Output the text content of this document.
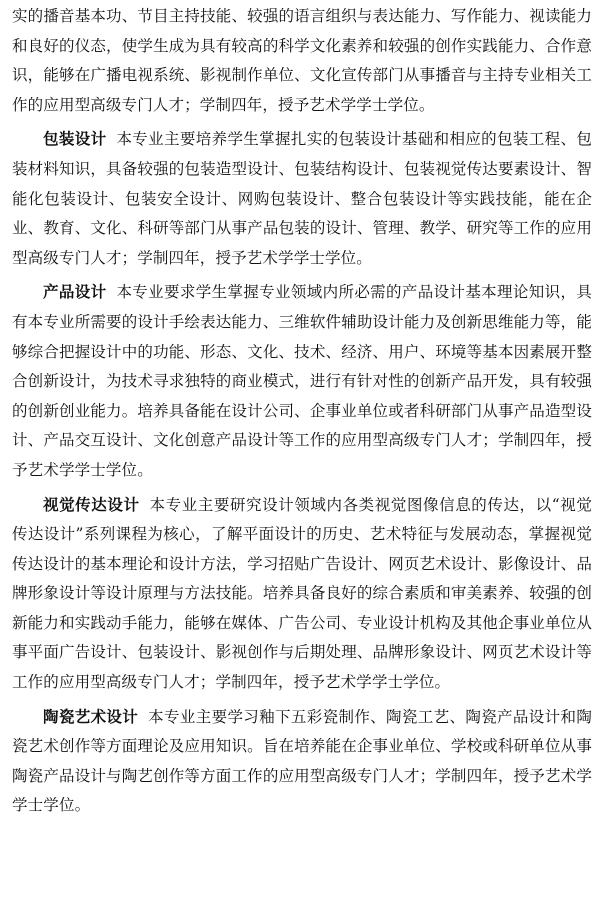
实的播音基本功、节目主持技能、较强的语言组织与表达能力、写作能力、视读能力和良好的仪态，使学生成为具有较高的科学文化素养和较强的创作实践能力、合作意识，能够在广播电视系统、影视制作单位、文化宣传部门从事播音与主持专业相关工作的应用型高级专门人才；学制四年，授予艺术学学士学位。

包装设计 本专业主要培养学生掌握扎实的包装设计基础和相应的包装工程、包装材料知识，具备较强的包装造型设计、包装结构设计、包装视觉传达要素设计、智能化包装设计、包装安全设计、网购包装设计、整合包装设计等实践技能，能在企业、教育、文化、科研等部门从事产品包装的设计、管理、教学、研究等工作的应用型高级专门人才；学制四年，授予艺术学学士学位。

产品设计 本专业要求学生掌握专业领域内所必需的产品设计基本理论知识，具有本专业所需要的设计手绘表达能力、三维软件辅助设计能力及创新思维能力等，能够综合把握设计中的功能、形态、文化、技术、经济、用户、环境等基本因素展开整合创新设计，为技术寻求独特的商业模式，进行有针对性的创新产品开发，具有较强的创新创业能力。培养具备能在设计公司、企事业单位或者科研部门从事产品造型设计、产品交互设计、文化创意产品设计等工作的应用型高级专门人才；学制四年，授予艺术学学士学位。

视觉传达设计 本专业主要研究设计领域内各类视觉图像信息的传达，以“视觉传达设计”系列课程为核心，了解平面设计的历史、艺术特征与发展动态，掌握视觉传达设计的基本理论和设计方法，学习招贴广告设计、网页艺术设计、影像设计、品牌形象设计等设计原理与方法技能。培养具备良好的综合素质和审美素养、较强的创新能力和实践动手能力，能够在媒体、广告公司、专业设计机构及其他企事业单位从事平面广告设计、包装设计、影视创作与后期处理、品牌形象设计、网页艺术设计等工作的应用型高级专门人才；学制四年，授予艺术学学士学位。

陶瓷艺术设计 本专业主要学习釉下五彩瓷制作、陶瓷工艺、陶瓷产品设计和陶瓷艺术创作等方面理论及应用知识。旨在培养能在企事业单位、学校或科研单位从事陶瓷产品设计与陶艺创作等方面工作的应用型高级专门人才；学制四年，授予艺术学学士学位。
